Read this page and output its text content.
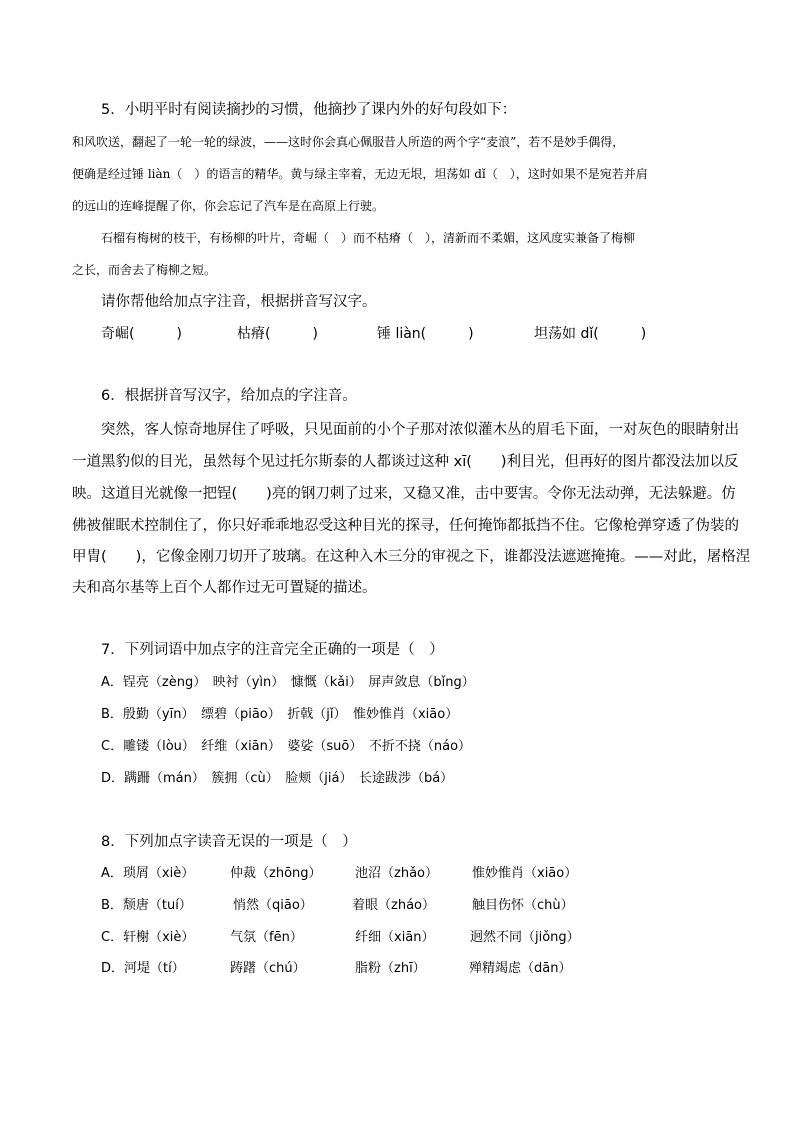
5．小明平时有阅读摘抄的习惯，他摘抄了课内外的好句段如下：
和风吹送，翻起了一轮一轮的绿波，——这时你会真心佩服昔人所造的两个字“麦浪”，若不是妙手偶得，
便确是经过锤 liàn（　）的语言的精华。黄与绿主宰着，无边无垠，坦荡如 dǐ（　），这时如果不是宛若并肩
的远山的连峰提醒了你，你会忘记了汽车是在高原上行驶。
石榴有梅树的枝干，有杨柳的叶片，奇崛（　）而不枯瘠（　），清新而不柔媚，这风度实兼备了梅柳
之长，而舍去了梅柳之短。
请你帮他给加点字注音，根据拼音写汉字。
奇崛(　　　)	枯瘠(　　　)	锤 liàn(　　　)	坦荡如 dǐ(　　　)
6．根据拼音写汉字，给加点的字注音。
突然，客人惊奇地屏住了呼吸，只见面前的小个子那对浓似灌木丛的眉毛下面，一对灰色的眼睛射出
一道黑豹似的目光，虽然每个见过托尔斯泰的人都谈过这种 xī(　　)利目光，但再好的图片都没法加以反
映。这道目光就像一把锃(　　)亮的钢刀刺了过来，又稳又准，击中要害。令你无法动弹，无法躲避。仿
佛被催眠术控制住了，你只好乖乖地忍受这种目光的探寻，任何掩饰都抵挡不住。它像枪弹穿透了伪装的
甲胄(　　)，它像金刚刀切开了玻璃。在这种入木三分的审视之下，谁都没法遮遮掩掩。——对此，屠格涅
夫和高尔基等上百个人都作过无可置疑的描述。
7．下列词语中加点字的注音完全正确的一项是（　）
A．锃亮（zèng）　映衬（yìn）　慷慨（kǎi）　屏声敛息（bǐng）
B．殷勤（yīn）　缥碧（piāo）　折戟（jǐ）　惟妙惟肖（xiāo）
C．雕镂（lòu）　纤维（xiān）　婆娑（suō）　不折不挠（náo）
D．蹒跚（mán）　簇拥（cù）　脸颊（jiá）　长途跋涉（bá）
8．下列加点字读音无误的一项是（　）
A．琐屑（xiè）	仲裁（zhōng）	池沼（zhǎo）	惟妙惟肖（xiāo）
B．颓唐（tuí）	悄然（qiāo）	着眼（zháo）	触目伤怀（chù）
C．轩榭（xiè）	气氛（fēn）	纤细（xiān）	迥然不同（jiǒng）
D．河堤（tí）	踌躇（chú）	脂粉（zhī）	殚精竭虑（dān）
